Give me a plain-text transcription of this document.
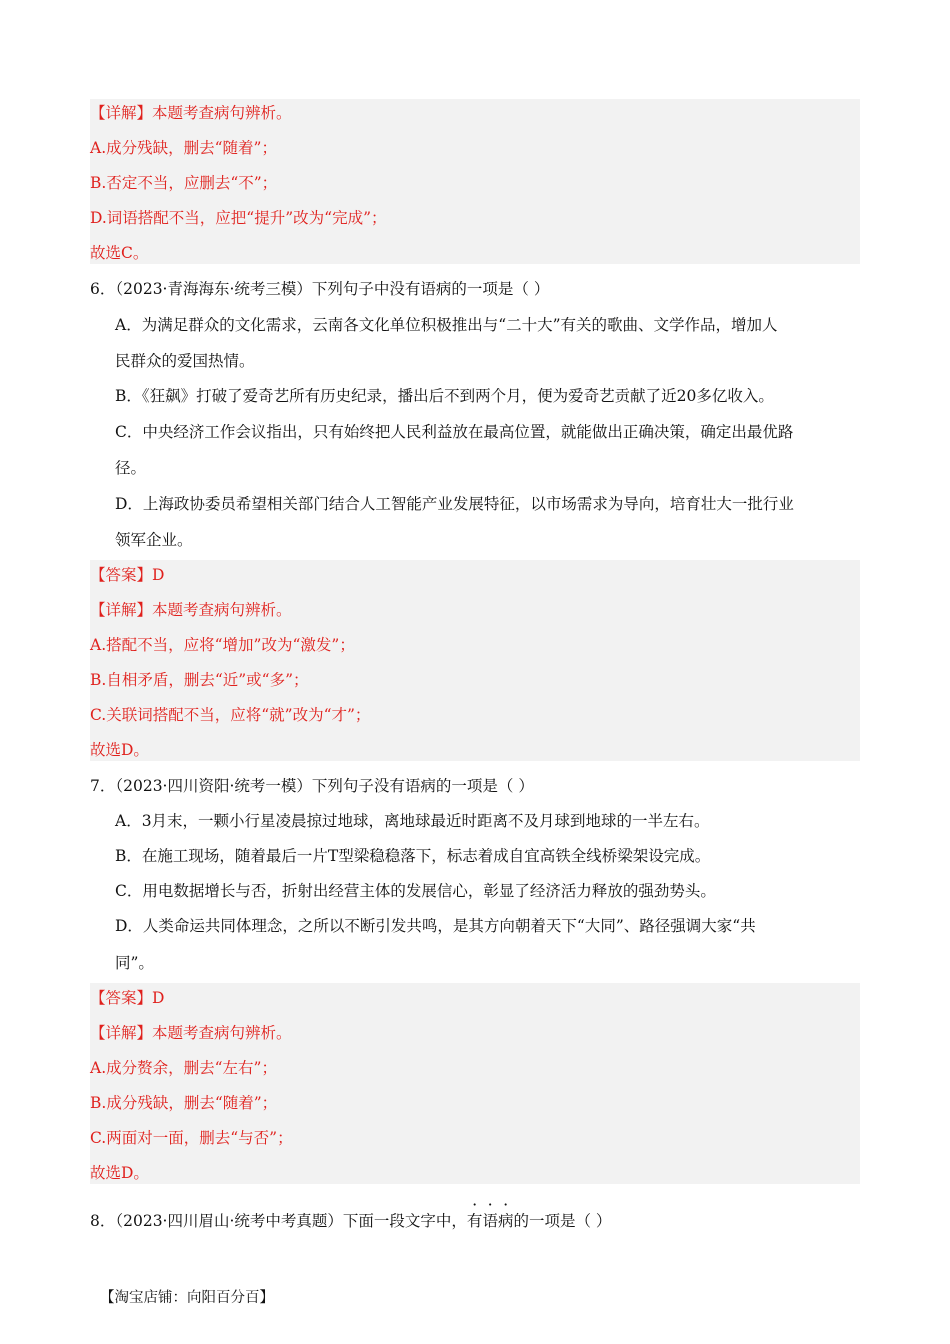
【详解】本题考查病句辨析。
A.成分残缺，删去“随着”；
B.否定不当，应删去“不”；
D.词语搭配不当，应把“提升”改为“完成”；
故选C。
6．（2023·青海海东·统考三模）下列句子中没有语病的一项是（ ）
A．为满足群众的文化需求，云南各文化单位积极推出与“二十大”有关的歌曲、文学作品，增加人
民群众的爱国热情。
B．《狂飙》打破了爱奇艺所有历史纪录，播出后不到两个月，便为爱奇艺贡献了近20多亿收入。
C．中央经济工作会议指出，只有始终把人民利益放在最高位置，就能做出正确决策，确定出最优路
径。
D．上海政协委员希望相关部门结合人工智能产业发展特征，以市场需求为导向，培育壮大一批行业
领军企业。
【答案】D
【详解】本题考查病句辨析。
A.搭配不当，应将“增加”改为“激发”；
B.自相矛盾，删去“近”或“多”；
C.关联词搭配不当，应将“就”改为“才”；
故选D。
7．（2023·四川资阳·统考一模）下列句子没有语病的一项是（ ）
A．3月末，一颗小行星凌晨掠过地球，离地球最近时距离不及月球到地球的一半左右。
B．在施工现场，随着最后一片T型梁稳稳落下，标志着成自宜高铁全线桥梁架设完成。
C．用电数据增长与否，折射出经营主体的发展信心，彰显了经济活力释放的强劲势头。
D．人类命运共同体理念，之所以不断引发共鸣，是其方向朝着天下“大同”、路径强调大家“共
同”。
【答案】D
【详解】本题考查病句辨析。
A.成分赘余，删去“左右”；
B.成分残缺，删去“随着”；
C.两面对一面，删去“与否”；
故选D。
8．（2023·四川眉山·统考中考真题）下面一段文字中，有语病的一项是（ ）
【淘宝店铺：向阳百分百】
